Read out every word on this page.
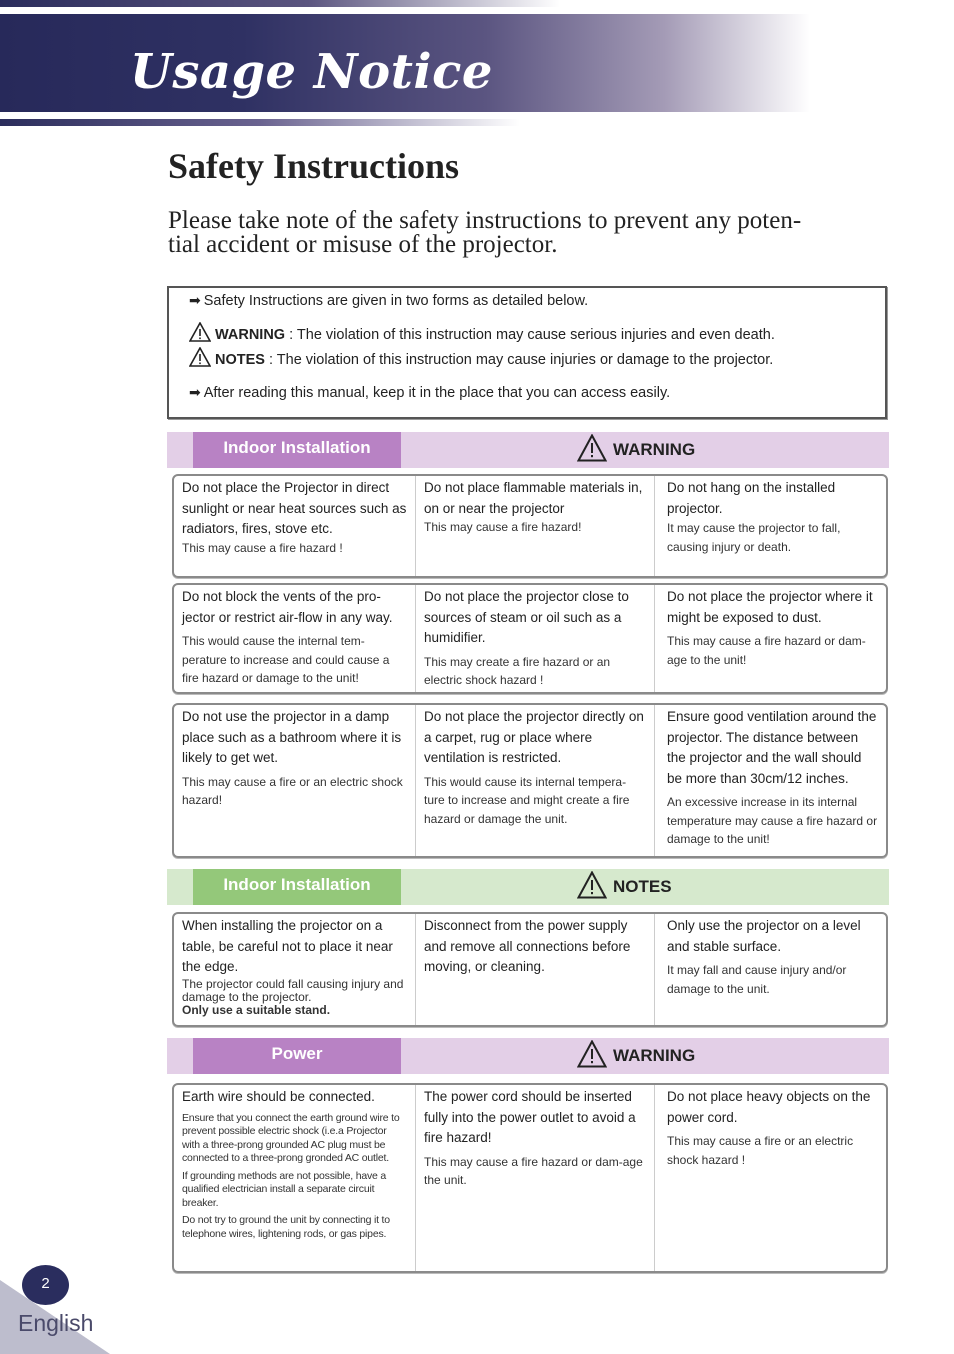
Usage Notice
Safety Instructions
Please take note of the safety instructions to prevent any poten-
tial accident or misuse of the projector.
➡ Safety Instructions are given in two forms as detailed below.
WARNING : The violation of this instruction may cause serious injuries and even death.
NOTES : The violation of this instruction may cause injuries or damage to the projector.
➡ After reading this manual, keep it in the place that you can access easily.
Indoor Installation	WARNING
Do not place the Projector in direct sunlight or near heat sources such as radiators, fires, stove etc.
This may cause a fire hazard !
Do not place flammable materials in, on or near the projector
This may cause a fire hazard!
Do not hang on the installed projector.
It may cause the projector to fall, causing injury or death.
Do not block the vents of the pro-jector or restrict air-flow in any way.
This would cause the internal tem-perature to increase and could cause a fire hazard or damage to the unit!
Do not place the projector close to sources of steam or oil such as a humidifier.
This may create a fire hazard or an electric shock hazard !
Do not place the projector where it might be exposed to dust.
This may cause a fire hazard or dam-age to the unit!
Do not use the projector in a damp place such as a bathroom where it is likely to get wet.
This may cause a fire or an electric shock hazard!
Do not place the projector directly on a carpet, rug or place where ventilation is restricted.
This would cause its internal tempera-ture to increase and might create a fire hazard or damage the unit.
Ensure good ventilation around the projector. The distance between the projector and the wall should be more than 30cm/12 inches.
An excessive increase in its internal temperature may cause a fire hazard or damage to the unit!
Indoor Installation	NOTES
When installing the projector on a table, be careful not to place it near the edge.
The projector could fall causing injury and damage to the projector.
Only use a suitable stand.
Disconnect from the power supply and remove all connections before moving, or cleaning.
Only use the projector on a level and stable surface.
It may fall and cause injury and/or damage to the unit.
Power	WARNING
Earth wire should be connected.
Ensure that you connect the earth ground wire to prevent possible electric shock (i.e.a Projector with a three-prong grounded AC plug must be connected to a three-prong gronded AC outlet.
If grounding methods are not possible, have a qualified electrician install a separate circuit breaker.
Do not try to ground the unit by connecting it to telephone wires, lightening rods, or gas pipes.
The power cord should be inserted fully into the power outlet to avoid a fire hazard!
This may cause a fire hazard or dam-age the unit.
Do not place heavy objects on the power cord.
This may cause a fire or an electric shock hazard !
2
English
